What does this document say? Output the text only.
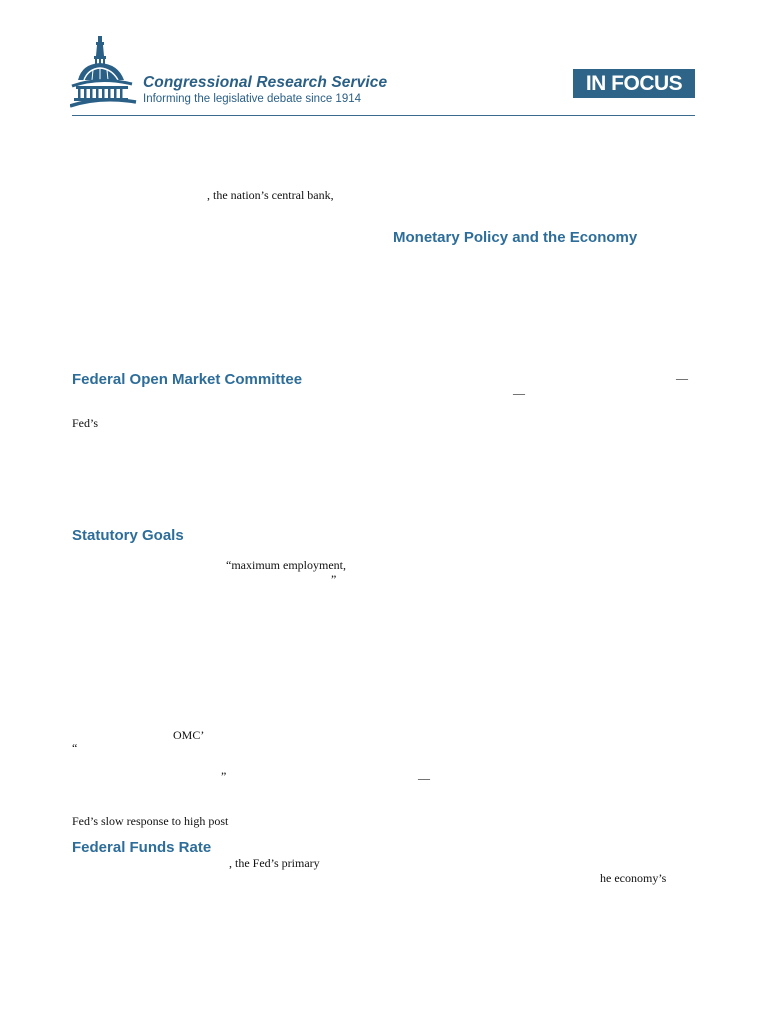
Congressional Research Service
Informing the legislative debate since 1914
IN FOCUS
, the nation’s central bank,
Monetary Policy and the Economy
Federal Open Market Committee	—
—
Fed’s
Statutory Goals
“maximum employment,
”
OMC’
“
”	—
Fed’s slow response to high post
Federal Funds Rate
, the Fed’s primary
he economy’s
